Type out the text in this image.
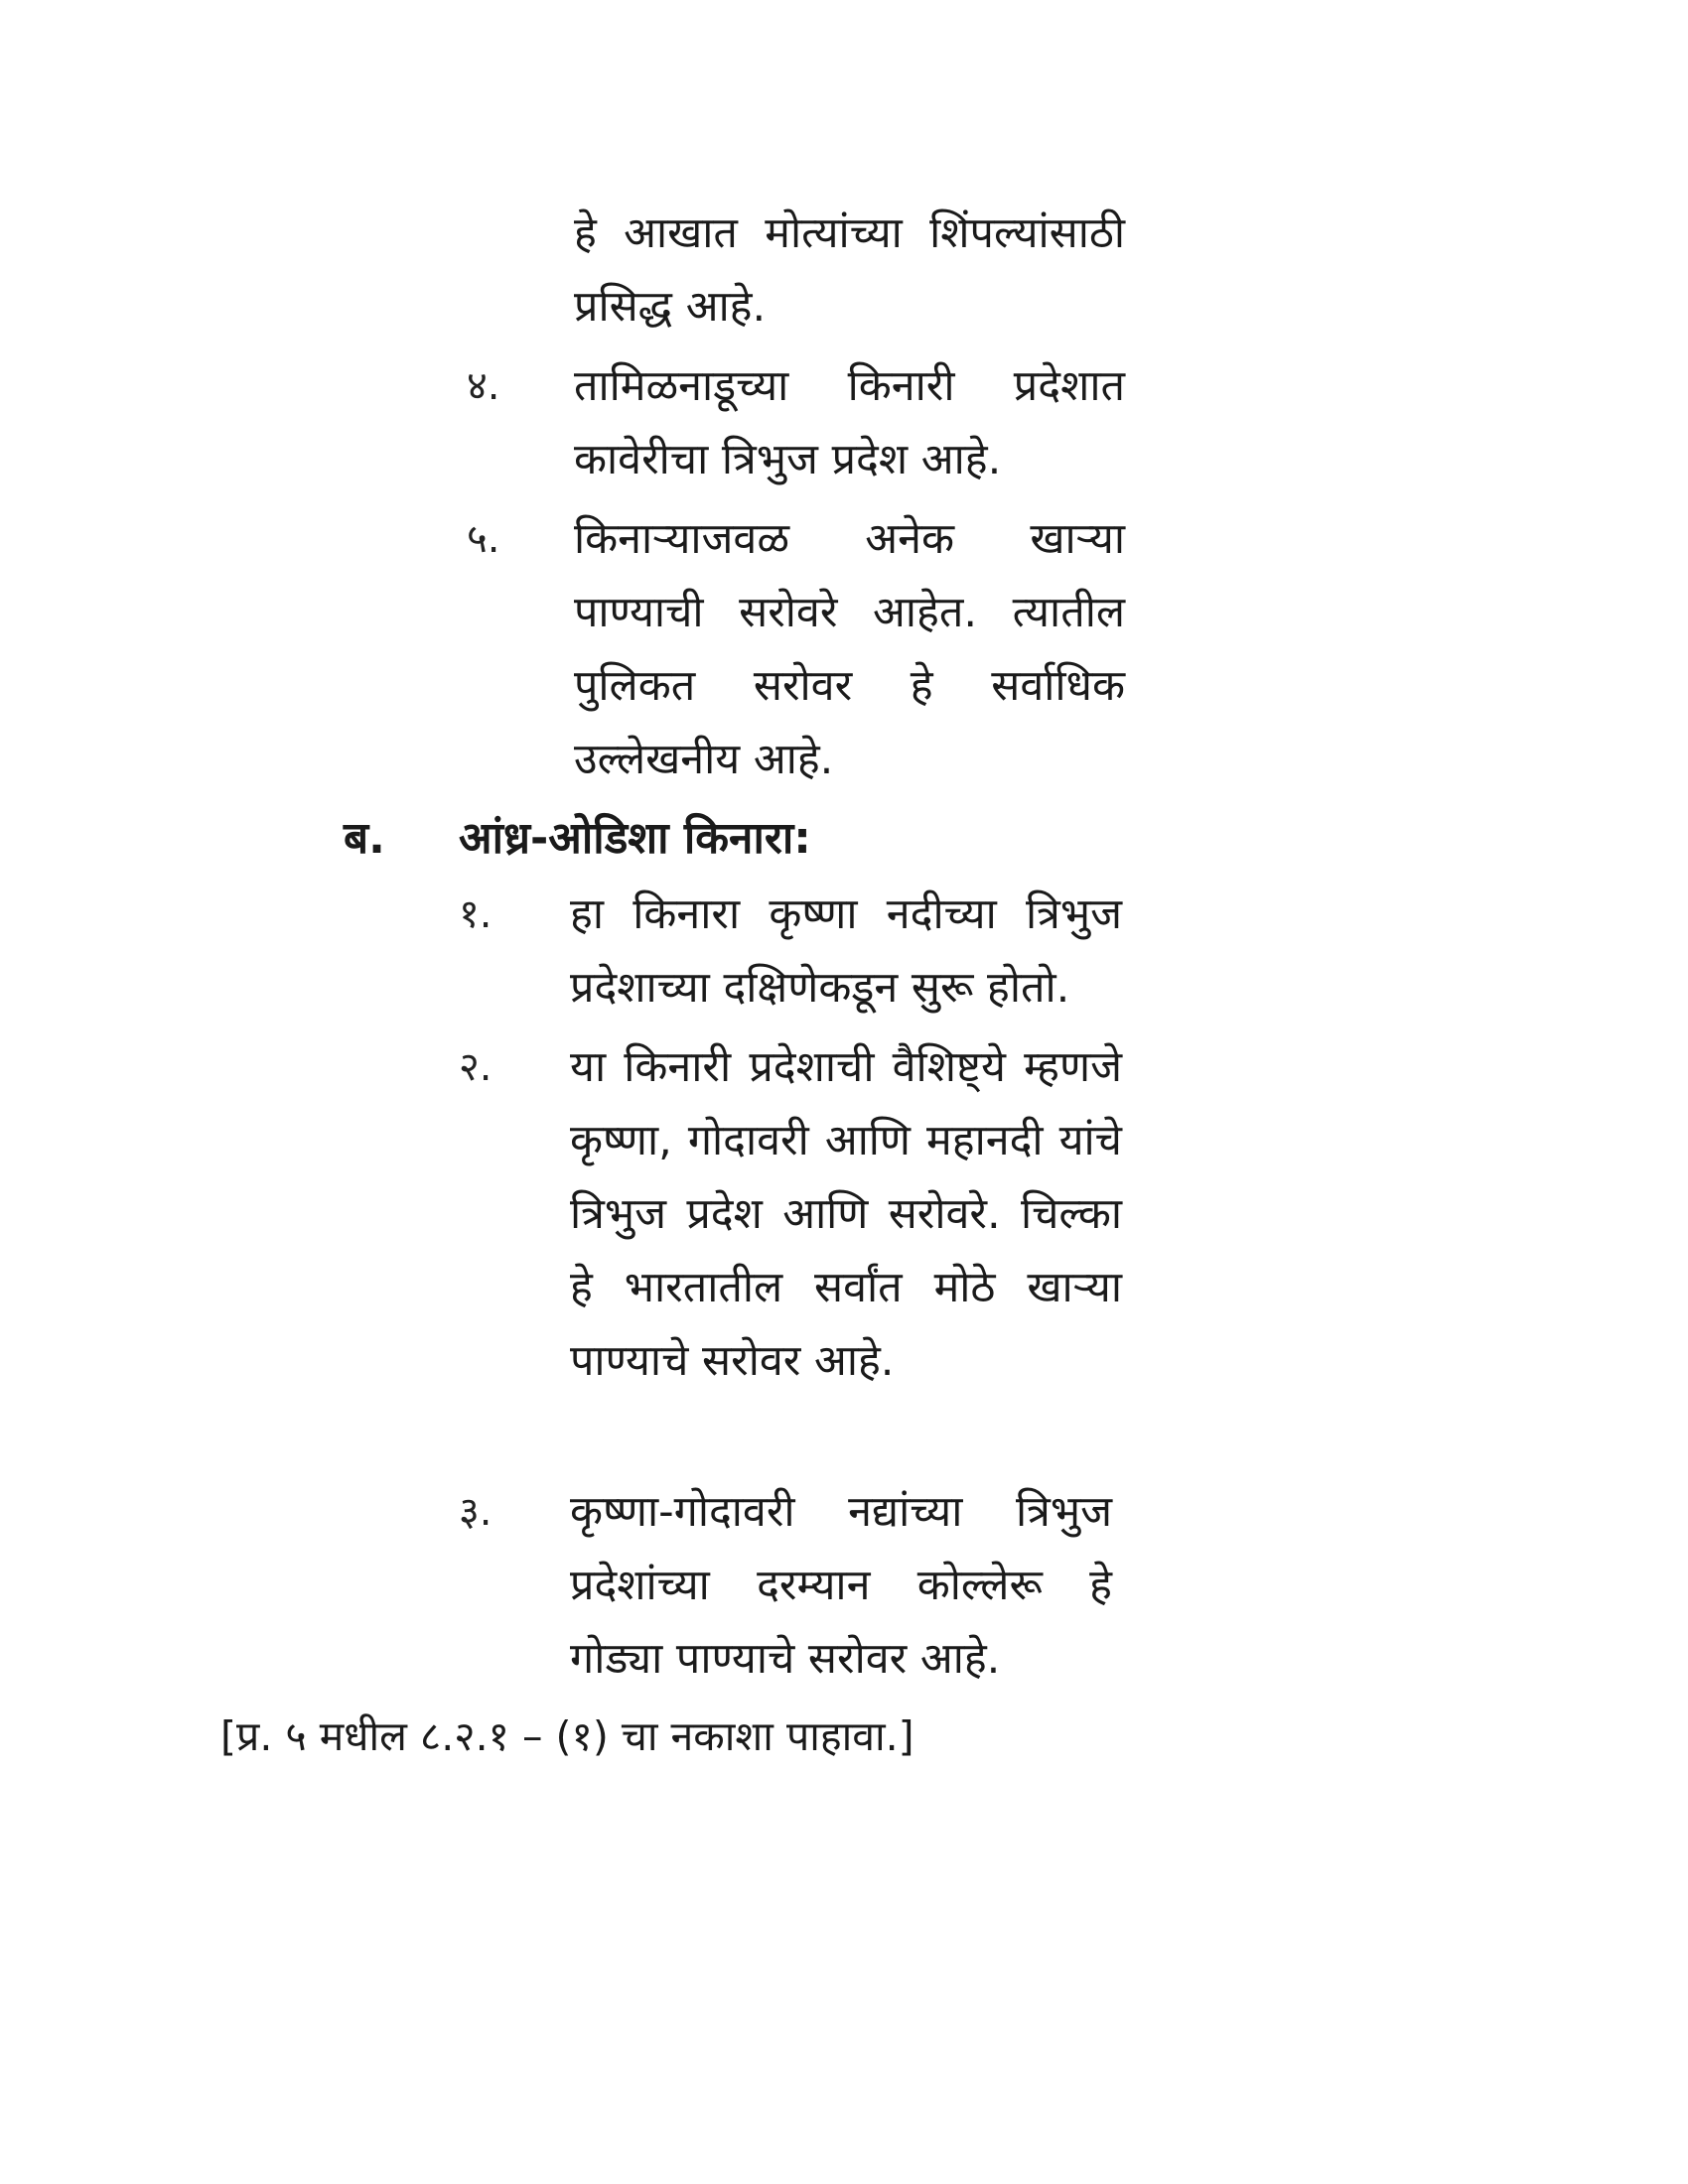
हे आखात मोत्यांच्या शिंपल्यांसाठी प्रसिद्ध आहे.
४. तामिळनाडूच्या किनारी प्रदेशात कावेरीचा त्रिभुज प्रदेश आहे.
५. किनाऱ्याजवळ अनेक खाऱ्या पाण्याची सरोवरे आहेत. त्यातील पुलिकत सरोवर हे सर्वाधिक उल्लेखनीय आहे.
ब. आंध्र-ओडिशा किनारा:
१. हा किनारा कृष्णा नदीच्या त्रिभुज प्रदेशाच्या दक्षिणेकडून सुरू होतो.
२. या किनारी प्रदेशाची वैशिष्ट्ये म्हणजे कृष्णा, गोदावरी आणि महानदी यांचे त्रिभुज प्रदेश आणि सरोवरे. चिल्का हे भारतातील सर्वांत मोठे खाऱ्या पाण्याचे सरोवर आहे.
३. कृष्णा-गोदावरी नद्यांच्या त्रिभुज प्रदेशांच्या दरम्यान कोल्लेरू हे गोड्या पाण्याचे सरोवर आहे.
[प्र. ५ मधील ८.२.१ – (१) चा नकाशा पाहावा.]
